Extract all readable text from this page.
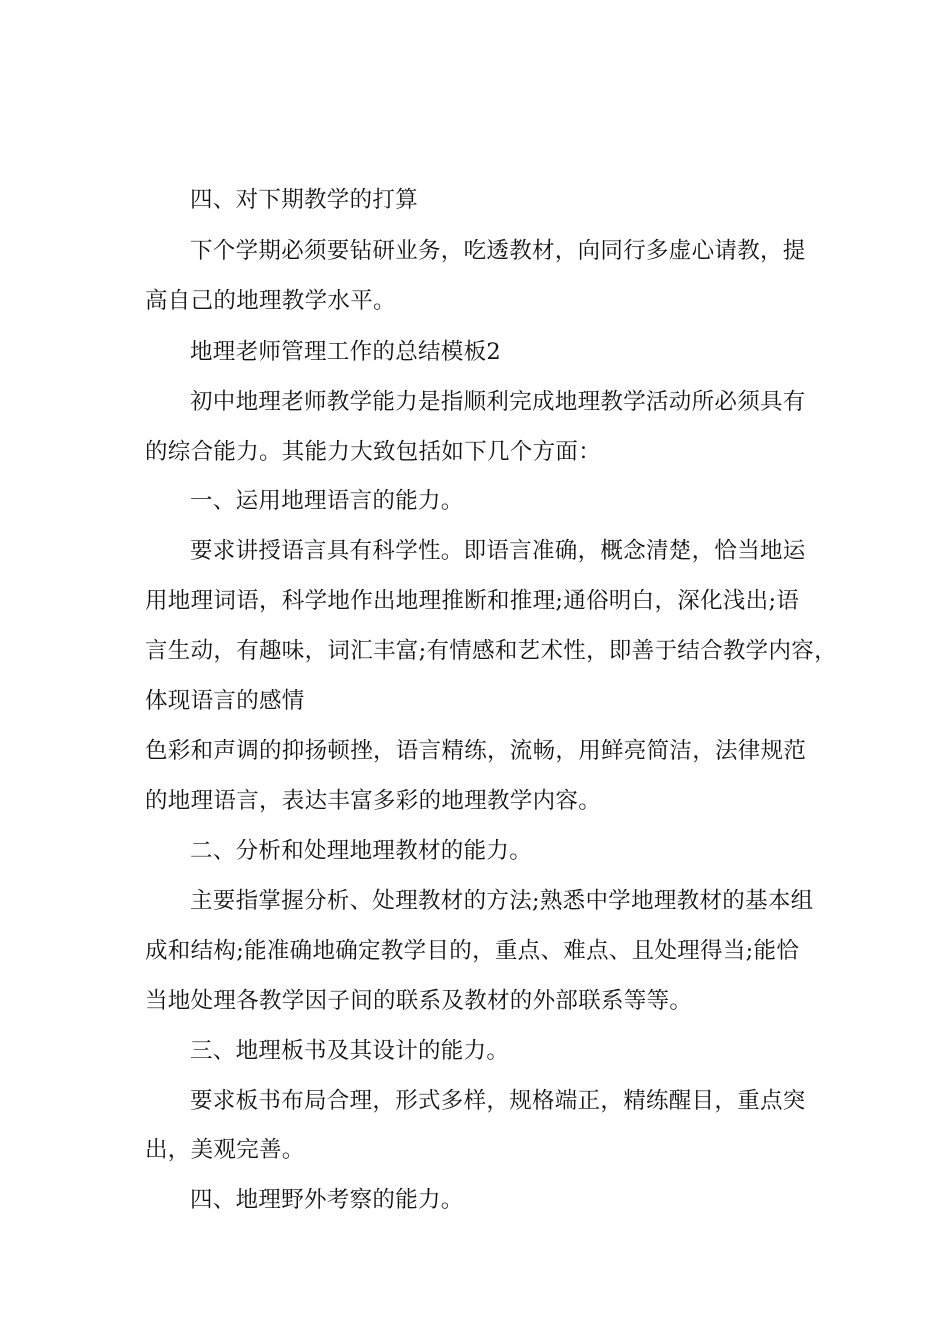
四、对下期教学的打算
下个学期必须要钻研业务，吃透教材，向同行多虚心请教，提
高自己的地理教学水平。
地理老师管理工作的总结模板2
初中地理老师教学能力是指顺利完成地理教学活动所必须具有
的综合能力。其能力大致包括如下几个方面：
一、运用地理语言的能力。
要求讲授语言具有科学性。即语言准确，概念清楚，恰当地运
用地理词语，科学地作出地理推断和推理;通俗明白，深化浅出;语
言生动，有趣味，词汇丰富;有情感和艺术性，即善于结合教学内容，
体现语言的感情
色彩和声调的抑扬顿挫，语言精练，流畅，用鲜亮简洁，法律规范
的地理语言，表达丰富多彩的地理教学内容。
二、分析和处理地理教材的能力。
主要指掌握分析、处理教材的方法;熟悉中学地理教材的基本组
成和结构;能准确地确定教学目的，重点、难点、且处理得当;能恰
当地处理各教学因子间的联系及教材的外部联系等等。
三、地理板书及其设计的能力。
要求板书布局合理，形式多样，规格端正，精练醒目，重点突
出，美观完善。
四、地理野外考察的能力。
